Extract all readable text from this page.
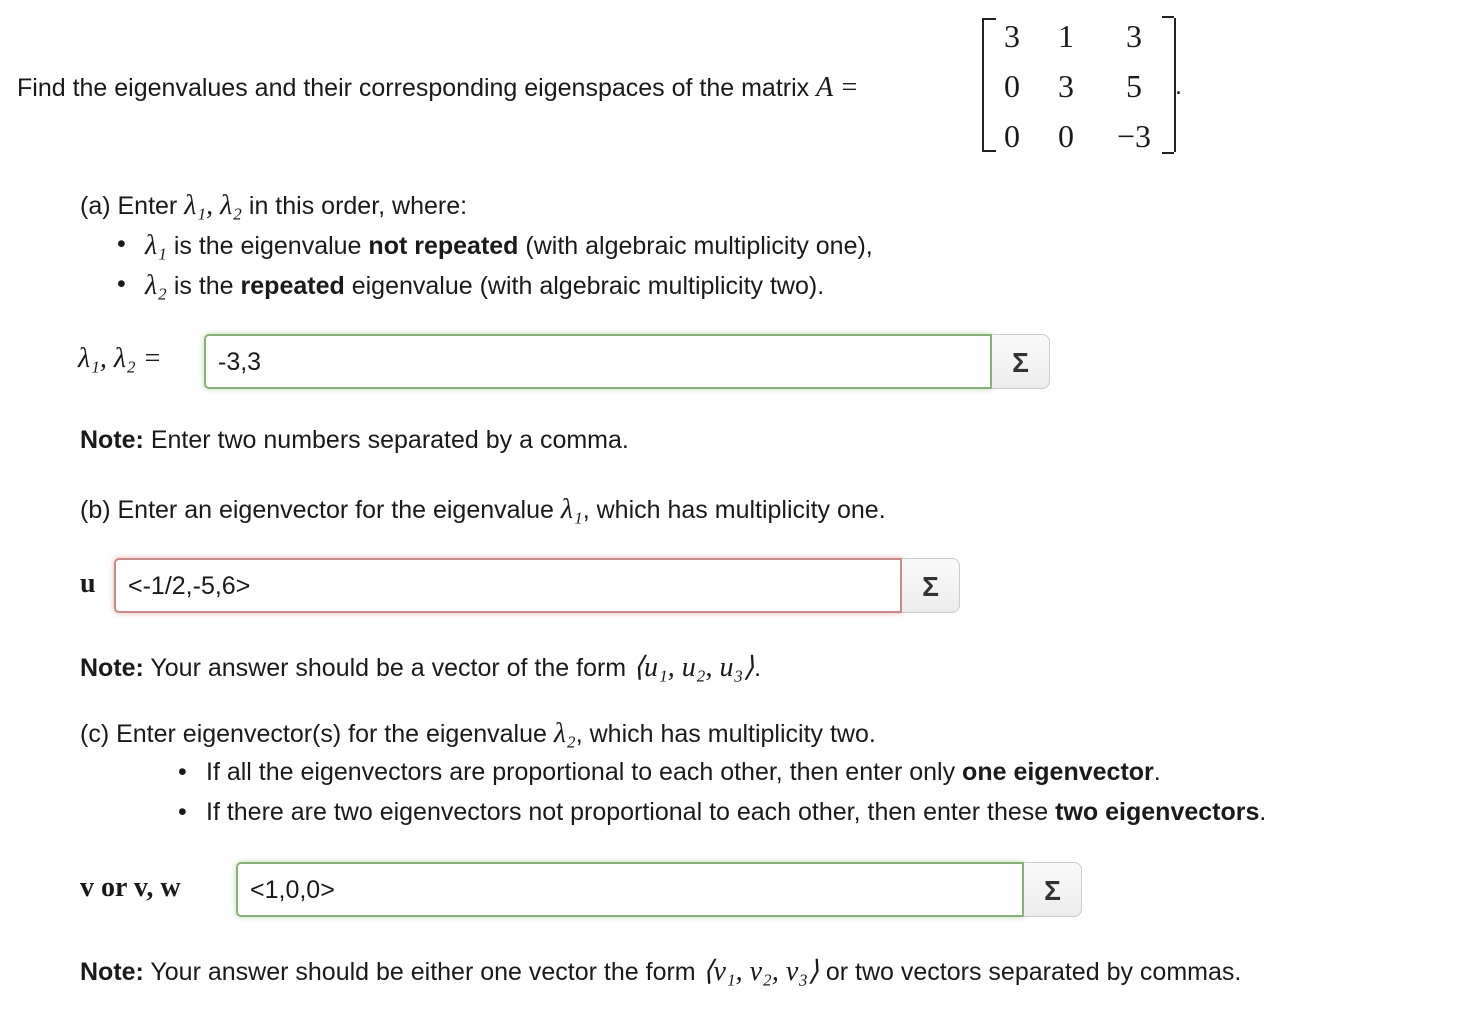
Find the eigenvalues and their corresponding eigenspaces of the matrix A =
3	1	3
0	3	5
0	0	−3
.
(a) Enter λ₁, λ₂ in this order, where:
• λ₁ is the eigenvalue not repeated (with algebraic multiplicity one),
• λ₂ is the repeated eigenvalue (with algebraic multiplicity two).
λ₁, λ₂ =	-3,3	Σ
Note: Enter two numbers separated by a comma.
(b) Enter an eigenvector for the eigenvalue λ₁, which has multiplicity one.
u	<-1/2,-5,6>	Σ
Note: Your answer should be a vector of the form ⟨u₁, u₂, u₃⟩.
(c) Enter eigenvector(s) for the eigenvalue λ₂, which has multiplicity two.
• If all the eigenvectors are proportional to each other, then enter only one eigenvector.
• If there are two eigenvectors not proportional to each other, then enter these two eigenvectors.
v or v, w	<1,0,0>	Σ
Note: Your answer should be either one vector the form ⟨v₁, v₂, v₃⟩ or two vectors separated by commas.
